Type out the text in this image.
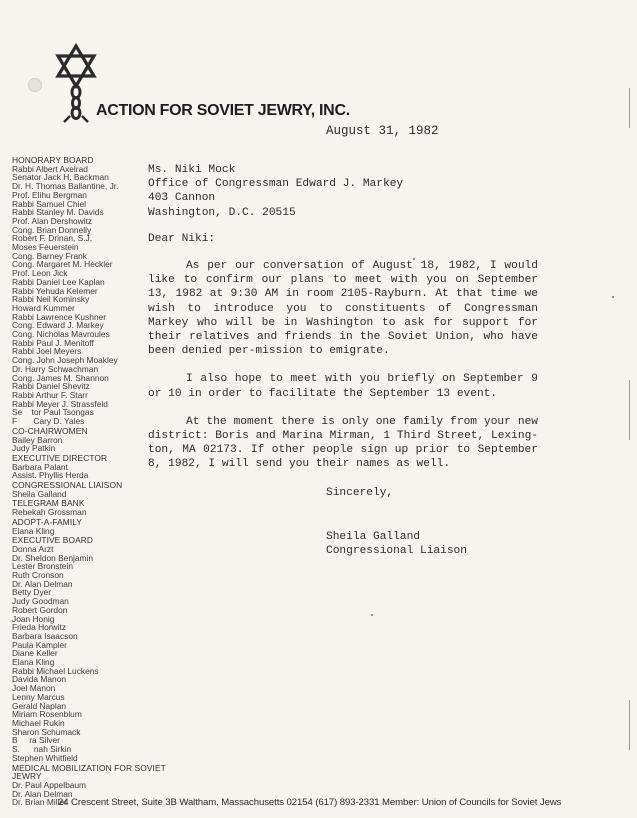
ACTION FOR SOVIET JEWRY, INC.
August 31, 1982
HONORARY BOARD
Rabbi Albert Axelrad
Senator Jack H. Backman
Dr. H. Thomas Ballantine, Jr.
Prof. Elihu Bergman
Rabbi Samuel Chiel
Rabbi Stanley M. Davids
Prof. Alan Dershowitz
Cong. Brian Donnelly
Robert F. Drinan, S.J.
Moses Feuerstein
Cong. Barney Frank
Cong. Margaret M. Heckler
Prof. Leon Jick
Rabbi Daniel Lee Kaplan
Rabbi Yehuda Kelemer
Rabbi Neil Kominsky
Howard Kummer
Rabbi Lawrence Kushner
Cong. Edward J. Markey
Cong. Nicholas Mavroules
Rabbi Paul J. Menitoff
Rabbi Joel Meyers
Cong. John Joseph Moakley
Dr. Harry Schwachman
Cong. James M. Shannon
Rabbi Daniel Shevitz
Rabbi Arthur F. Starr
Rabbi Meyer J. Strassfeld
Se    tor Paul Tsongas
F       Cary D. Yales
CO-CHAIRWOMEN
Bailey Barron
Judy Patkin
EXECUTIVE DIRECTOR
Barbara Palant
Assist. Phyllis Herda
CONGRESSIONAL LIAISON
Sheila Galland
TELEGRAM BANK
Rebekah Grossman
ADOPT-A-FAMILY
Elana Kling
EXECUTIVE BOARD
Donna Arzt
Dr. Sheldon Benjamin
Lester Bronstein
Ruth Cronson
Dr. Alan Delman
Betty Dyer
Judy Goodman
Robert Gordon
Joan Honig
Frieda Horwitz
Barbara Isaacson
Paula Kampler
Diane Keller
Elana Kling
Rabbi Michael Luckens
Davida Manon
Joel Manon
Lenny Marcus
Gerald Naplan
Miriam Rosenblum
Michael Rukin
Sharon Schumack
B     ra Silver
S.      nah Sirkin
Stephen Whitfield
MEDICAL MOBILIZATION FOR SOVIET JEWRY
Dr. Paul Appelbaum
Dr. Alan Delman
Dr. Brian Miller
Ms. Niki Mock
Office of Congressman Edward J. Markey
403 Cannon
Washington, D.C. 20515
Dear Niki:
As per our conversation of August 18, 1982, I would like to confirm our plans to meet with you on September 13, 1982 at 9:30 AM in room 2105-Rayburn. At that time we wish to introduce you to constituents of Congressman Markey who will be in Washington to ask for support for their relatives and friends in the Soviet Union, who have been denied per-mission to emigrate.
I also hope to meet with you briefly on September 9 or 10 in order to facilitate the September 13 event.
At the moment there is only one family from your new district: Boris and Marina Mirman, 1 Third Street, Lexing-ton, MA 02173. If other people sign up prior to September 8, 1982, I will send you their names as well.
Sincerely,
Sheila Galland
Congressional Liaison
24 Crescent Street, Suite 3B Waltham, Massachusetts 02154 (617) 893-2331 Member: Union of Councils for Soviet Jews
